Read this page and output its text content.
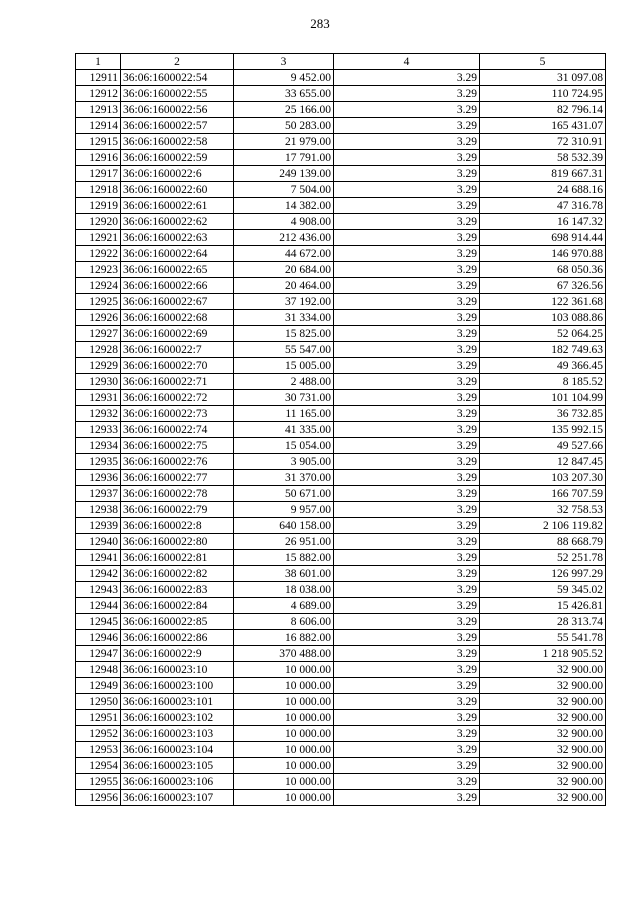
283
1	2	3	4	5
12911	36:06:1600022:54	9 452.00	3.29	31 097.08
12912	36:06:1600022:55	33 655.00	3.29	110 724.95
12913	36:06:1600022:56	25 166.00	3.29	82 796.14
12914	36:06:1600022:57	50 283.00	3.29	165 431.07
12915	36:06:1600022:58	21 979.00	3.29	72 310.91
12916	36:06:1600022:59	17 791.00	3.29	58 532.39
12917	36:06:1600022:6	249 139.00	3.29	819 667.31
12918	36:06:1600022:60	7 504.00	3.29	24 688.16
12919	36:06:1600022:61	14 382.00	3.29	47 316.78
12920	36:06:1600022:62	4 908.00	3.29	16 147.32
12921	36:06:1600022:63	212 436.00	3.29	698 914.44
12922	36:06:1600022:64	44 672.00	3.29	146 970.88
12923	36:06:1600022:65	20 684.00	3.29	68 050.36
12924	36:06:1600022:66	20 464.00	3.29	67 326.56
12925	36:06:1600022:67	37 192.00	3.29	122 361.68
12926	36:06:1600022:68	31 334.00	3.29	103 088.86
12927	36:06:1600022:69	15 825.00	3.29	52 064.25
12928	36:06:1600022:7	55 547.00	3.29	182 749.63
12929	36:06:1600022:70	15 005.00	3.29	49 366.45
12930	36:06:1600022:71	2 488.00	3.29	8 185.52
12931	36:06:1600022:72	30 731.00	3.29	101 104.99
12932	36:06:1600022:73	11 165.00	3.29	36 732.85
12933	36:06:1600022:74	41 335.00	3.29	135 992.15
12934	36:06:1600022:75	15 054.00	3.29	49 527.66
12935	36:06:1600022:76	3 905.00	3.29	12 847.45
12936	36:06:1600022:77	31 370.00	3.29	103 207.30
12937	36:06:1600022:78	50 671.00	3.29	166 707.59
12938	36:06:1600022:79	9 957.00	3.29	32 758.53
12939	36:06:1600022:8	640 158.00	3.29	2 106 119.82
12940	36:06:1600022:80	26 951.00	3.29	88 668.79
12941	36:06:1600022:81	15 882.00	3.29	52 251.78
12942	36:06:1600022:82	38 601.00	3.29	126 997.29
12943	36:06:1600022:83	18 038.00	3.29	59 345.02
12944	36:06:1600022:84	4 689.00	3.29	15 426.81
12945	36:06:1600022:85	8 606.00	3.29	28 313.74
12946	36:06:1600022:86	16 882.00	3.29	55 541.78
12947	36:06:1600022:9	370 488.00	3.29	1 218 905.52
12948	36:06:1600023:10	10 000.00	3.29	32 900.00
12949	36:06:1600023:100	10 000.00	3.29	32 900.00
12950	36:06:1600023:101	10 000.00	3.29	32 900.00
12951	36:06:1600023:102	10 000.00	3.29	32 900.00
12952	36:06:1600023:103	10 000.00	3.29	32 900.00
12953	36:06:1600023:104	10 000.00	3.29	32 900.00
12954	36:06:1600023:105	10 000.00	3.29	32 900.00
12955	36:06:1600023:106	10 000.00	3.29	32 900.00
12956	36:06:1600023:107	10 000.00	3.29	32 900.00
